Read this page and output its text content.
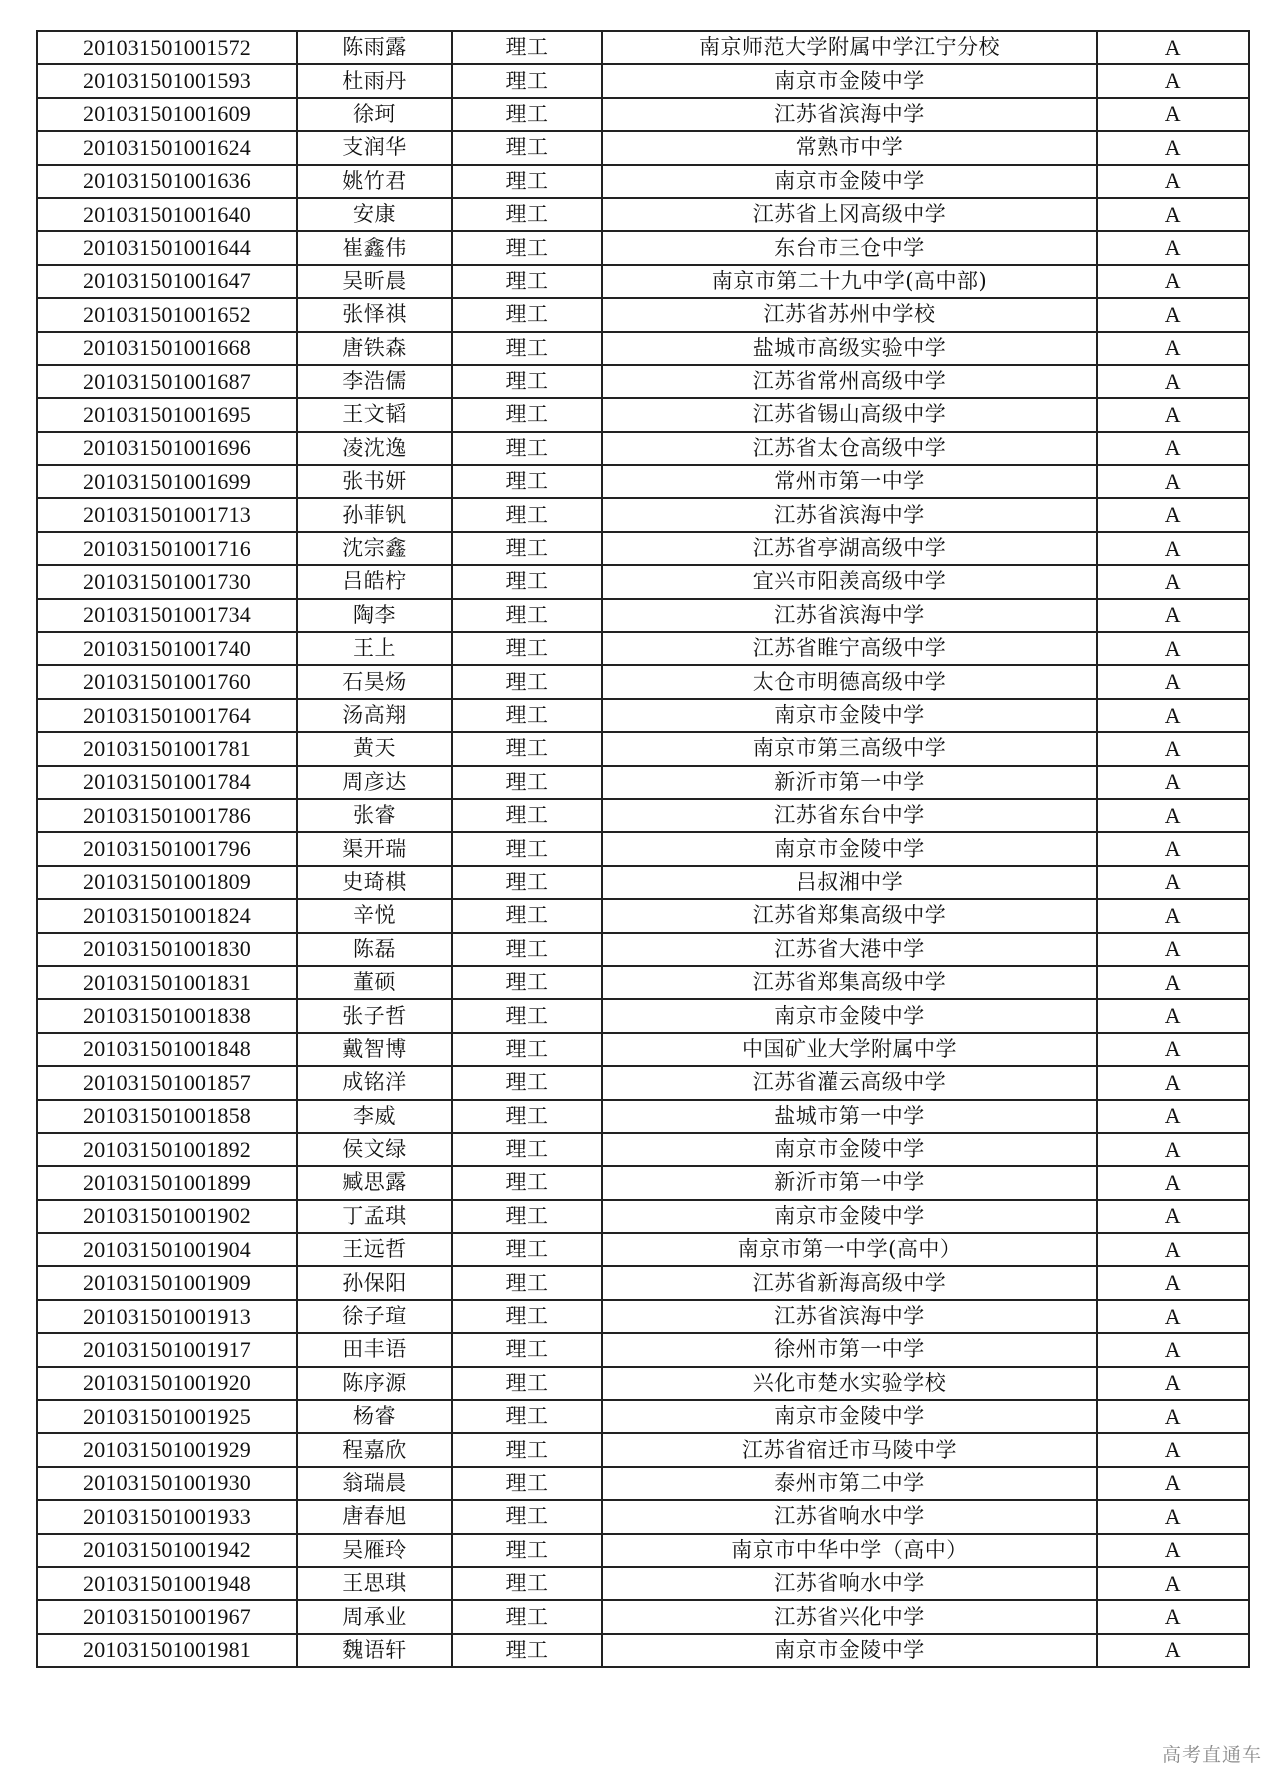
201031501001572	陈雨露	理工	南京师范大学附属中学江宁分校	A
201031501001593	杜雨丹	理工	南京市金陵中学	A
201031501001609	徐珂	理工	江苏省滨海中学	A
201031501001624	支润华	理工	常熟市中学	A
201031501001636	姚竹君	理工	南京市金陵中学	A
201031501001640	安康	理工	江苏省上冈高级中学	A
201031501001644	崔鑫伟	理工	东台市三仓中学	A
201031501001647	吴昕晨	理工	南京市第二十九中学(高中部)	A
201031501001652	张怿祺	理工	江苏省苏州中学校	A
201031501001668	唐铁森	理工	盐城市高级实验中学	A
201031501001687	李浩儒	理工	江苏省常州高级中学	A
201031501001695	王文韬	理工	江苏省锡山高级中学	A
201031501001696	凌沈逸	理工	江苏省太仓高级中学	A
201031501001699	张书妍	理工	常州市第一中学	A
201031501001713	孙菲钒	理工	江苏省滨海中学	A
201031501001716	沈宗鑫	理工	江苏省亭湖高级中学	A
201031501001730	吕皓柠	理工	宜兴市阳羡高级中学	A
201031501001734	陶李	理工	江苏省滨海中学	A
201031501001740	王上	理工	江苏省睢宁高级中学	A
201031501001760	石昊炀	理工	太仓市明德高级中学	A
201031501001764	汤高翔	理工	南京市金陵中学	A
201031501001781	黄天	理工	南京市第三高级中学	A
201031501001784	周彦达	理工	新沂市第一中学	A
201031501001786	张睿	理工	江苏省东台中学	A
201031501001796	渠开瑞	理工	南京市金陵中学	A
201031501001809	史琦棋	理工	吕叔湘中学	A
201031501001824	辛悦	理工	江苏省郑集高级中学	A
201031501001830	陈磊	理工	江苏省大港中学	A
201031501001831	董硕	理工	江苏省郑集高级中学	A
201031501001838	张子哲	理工	南京市金陵中学	A
201031501001848	戴智博	理工	中国矿业大学附属中学	A
201031501001857	成铭洋	理工	江苏省灌云高级中学	A
201031501001858	李威	理工	盐城市第一中学	A
201031501001892	侯文绿	理工	南京市金陵中学	A
201031501001899	臧思露	理工	新沂市第一中学	A
201031501001902	丁孟琪	理工	南京市金陵中学	A
201031501001904	王远哲	理工	南京市第一中学(高中）	A
201031501001909	孙保阳	理工	江苏省新海高级中学	A
201031501001913	徐子瑄	理工	江苏省滨海中学	A
201031501001917	田丰语	理工	徐州市第一中学	A
201031501001920	陈序源	理工	兴化市楚水实验学校	A
201031501001925	杨睿	理工	南京市金陵中学	A
201031501001929	程嘉欣	理工	江苏省宿迁市马陵中学	A
201031501001930	翁瑞晨	理工	泰州市第二中学	A
201031501001933	唐春旭	理工	江苏省响水中学	A
201031501001942	吴雁玲	理工	南京市中华中学（高中）	A
201031501001948	王思琪	理工	江苏省响水中学	A
201031501001967	周承业	理工	江苏省兴化中学	A
201031501001981	魏语轩	理工	南京市金陵中学	A
高考直通车
